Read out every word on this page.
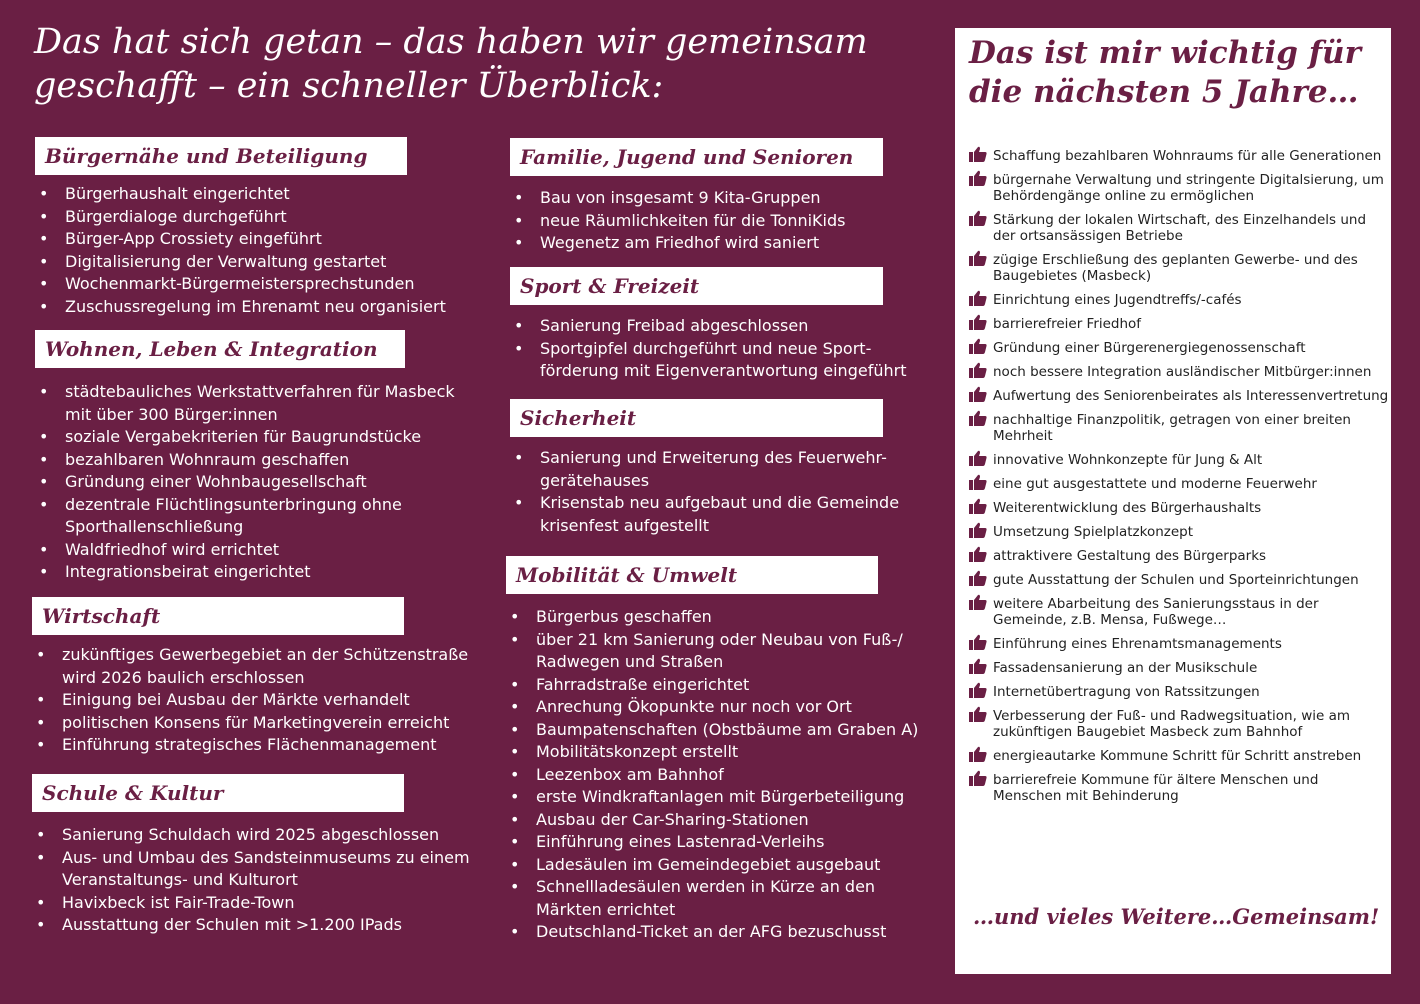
Das hat sich getan – das haben wir gemeinsam geschafft – ein schneller Überblick:
Bürgernähe und Beteiligung
• Bürgerhaushalt eingerichtet
• Bürgerdialoge durchgeführt
• Bürger-App Crossiety eingeführt
• Digitalisierung der Verwaltung gestartet
• Wochenmarkt-Bürgermeistersprechstunden
• Zuschussregelung im Ehrenamt neu organisiert
Wohnen, Leben & Integration
• städtebauliches Werkstattverfahren für Masbeck mit über 300 Bürger:innen
• soziale Vergabekriterien für Baugrundstücke
• bezahlbaren Wohnraum geschaffen
• Gründung einer Wohnbaugesellschaft
• dezentrale Flüchtlingsunterbringung ohne Sporthallenschließung
• Waldfriedhof wird errichtet
• Integrationsbeirat eingerichtet
Wirtschaft
• zukünftiges Gewerbegebiet an der Schützenstraße wird 2026 baulich erschlossen
• Einigung bei Ausbau der Märkte verhandelt
• politischen Konsens für Marketingverein erreicht
• Einführung strategisches Flächenmanagement
Schule & Kultur
• Sanierung Schuldach wird 2025 abgeschlossen
• Aus- und Umbau des Sandsteinmuseums zu einem Veranstaltungs- und Kulturort
• Havixbeck ist Fair-Trade-Town
• Ausstattung der Schulen mit >1.200 IPads
Familie, Jugend und Senioren
• Bau von insgesamt 9 Kita-Gruppen
• neue Räumlichkeiten für die TonniKids
• Wegenetz am Friedhof wird saniert
Sport & Freizeit
• Sanierung Freibad abgeschlossen
• Sportgipfel durchgeführt und neue Sport-förderung mit Eigenverantwortung eingeführt
Sicherheit
• Sanierung und Erweiterung des Feuerwehr-gerätehauses
• Krisenstab neu aufgebaut und die Gemeinde krisenfest aufgestellt
Mobilität & Umwelt
• Bürgerbus geschaffen
• über 21 km Sanierung oder Neubau von Fuß-/ Radwegen und Straßen
• Fahrradstraße eingerichtet
• Anrechung Ökopunkte nur noch vor Ort
• Baumpatenschaften (Obstbäume am Graben A)
• Mobilitätskonzept erstellt
• Leezenbox am Bahnhof
• erste Windkraftanlagen mit Bürgerbeteiligung
• Ausbau der Car-Sharing-Stationen
• Einführung eines Lastenrad-Verleihs
• Ladesäulen im Gemeindegebiet ausgebaut
• Schnellladesäulen werden in Kürze an den Märkten errichtet
• Deutschland-Ticket an der AFG bezuschusst
Das ist mir wichtig für die nächsten 5 Jahre…
Schaffung bezahlbaren Wohnraums für alle Generationen
bürgernahe Verwaltung und stringente Digitalsierung, um Behördengänge online zu ermöglichen
Stärkung der lokalen Wirtschaft, des Einzelhandels und der ortsansässigen Betriebe
zügige Erschließung des geplanten Gewerbe- und des Baugebietes (Masbeck)
Einrichtung eines Jugendtreffs/-cafés
barrierefreier Friedhof
Gründung einer Bürgerenergiegenossenschaft
noch bessere Integration ausländischer Mitbürger:innen
Aufwertung des Seniorenbeirates als Interessenvertretung
nachhaltige Finanzpolitik, getragen von einer breiten Mehrheit
innovative Wohnkonzepte für Jung & Alt
eine gut ausgestattete und moderne Feuerwehr
Weiterentwicklung des Bürgerhaushalts
Umsetzung Spielplatzkonzept
attraktivere Gestaltung des Bürgerparks
gute Ausstattung der Schulen und Sporteinrichtungen
weitere Abarbeitung des Sanierungsstaus in der Gemeinde, z.B. Mensa, Fußwege…
Einführung eines Ehrenamtsmanagements
Fassadensanierung an der Musikschule
Internetübertragung von Ratssitzungen
Verbesserung der Fuß- und Radwegsituation, wie am zukünftigen Baugebiet Masbeck zum Bahnhof
energieautarke Kommune Schritt für Schritt anstreben
barrierefreie Kommune für ältere Menschen und Menschen mit Behinderung

…und vieles Weitere…Gemeinsam!
